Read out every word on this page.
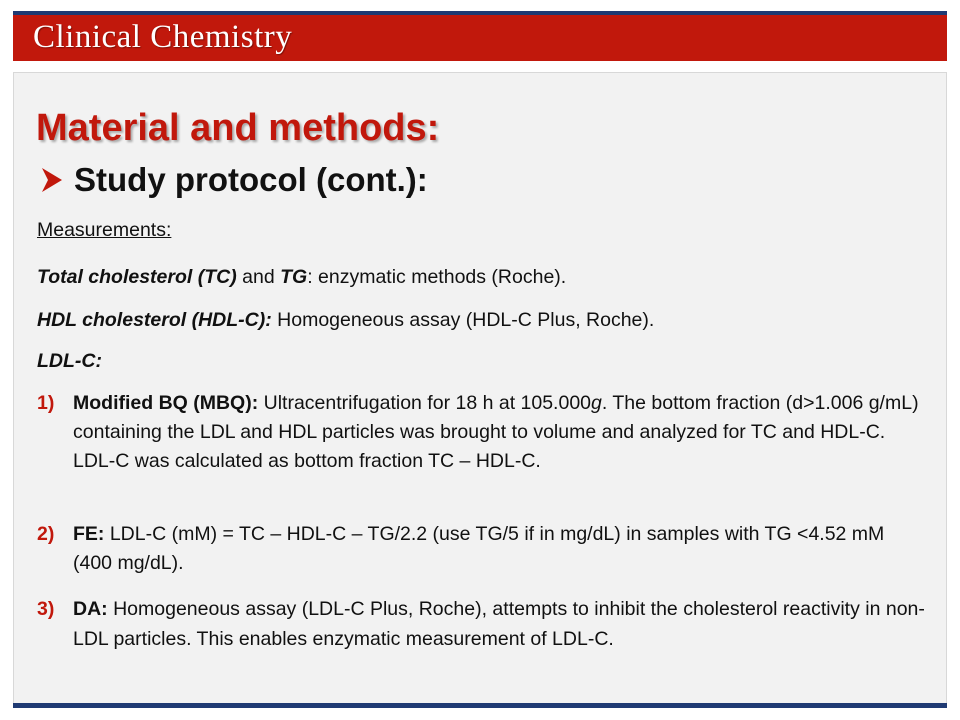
Clinical Chemistry
Material and methods:
Study protocol (cont.):
Measurements:
Total cholesterol (TC) and TG: enzymatic methods (Roche).
HDL cholesterol (HDL-C): Homogeneous assay (HDL-C Plus, Roche).
LDL-C:
1) Modified BQ (MBQ): Ultracentrifugation for 18 h at 105.000g. The bottom fraction (d>1.006 g/mL) containing the LDL and HDL particles was brought to volume and analyzed for TC and HDL-C. LDL-C was calculated as bottom fraction TC – HDL-C.
2) FE: LDL-C (mM) = TC – HDL-C – TG/2.2 (use TG/5 if in mg/dL) in samples with TG <4.52 mM (400 mg/dL).
3) DA: Homogeneous assay (LDL-C Plus, Roche), attempts to inhibit the cholesterol reactivity in non-LDL particles. This enables enzymatic measurement of LDL-C.
